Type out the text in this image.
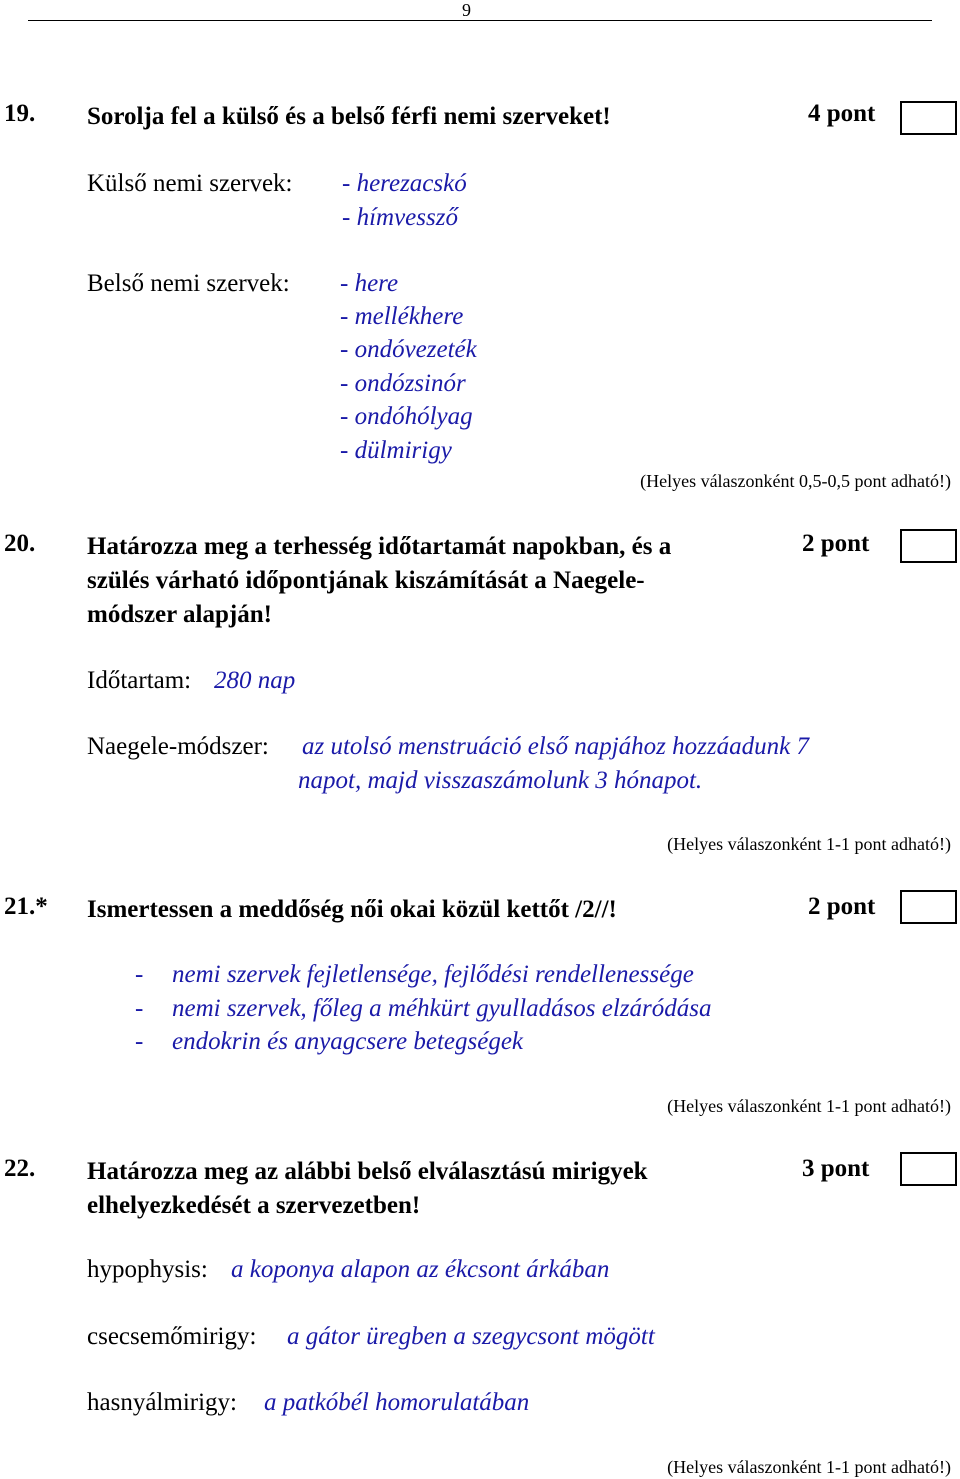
9
19. Sorolja fel a külső és a belső férfi nemi szerveket!	4 pont
Külső nemi szervek: - herezacskó
- hímvessző
Belső nemi szervek: - here
- mellékhere
- ondóvezeték
- ondózsinór
- ondóhólyag
- dülmirigy
(Helyes válaszonként 0,5-0,5 pont adható!)
20. Határozza meg a terhesség időtartamát napokban, és a
szülés várható időpontjának kiszámítását a Naegele-
módszer alapján!
2 pont
Időtartam: 280 nap
Naegele-módszer: az utolsó menstruáció első napjához hozzáadunk 7
napot, majd visszaszámolunk 3 hónapot.
(Helyes válaszonként 1-1 pont adható!)
21.* Ismertessen a meddőség női okai közül kettőt /2//!	2 pont
- nemi szervek fejletlensége, fejlődési rendellenessége
- nemi szervek, főleg a méhkürt gyulladásos elzáródása
- endokrin és anyagcsere betegségek
(Helyes válaszonként 1-1 pont adható!)
22. Határozza meg az alábbi belső elválasztású mirigyek
elhelyezkedését a szervezetben!
3 pont
hypophysis: a koponya alapon az ékcsont árkában
csecsemőmirigy: a gátor üregben a szegycsont mögött
hasnyálmirigy: a patkóbél homorulatában
(Helyes válaszonként 1-1 pont adható!)
